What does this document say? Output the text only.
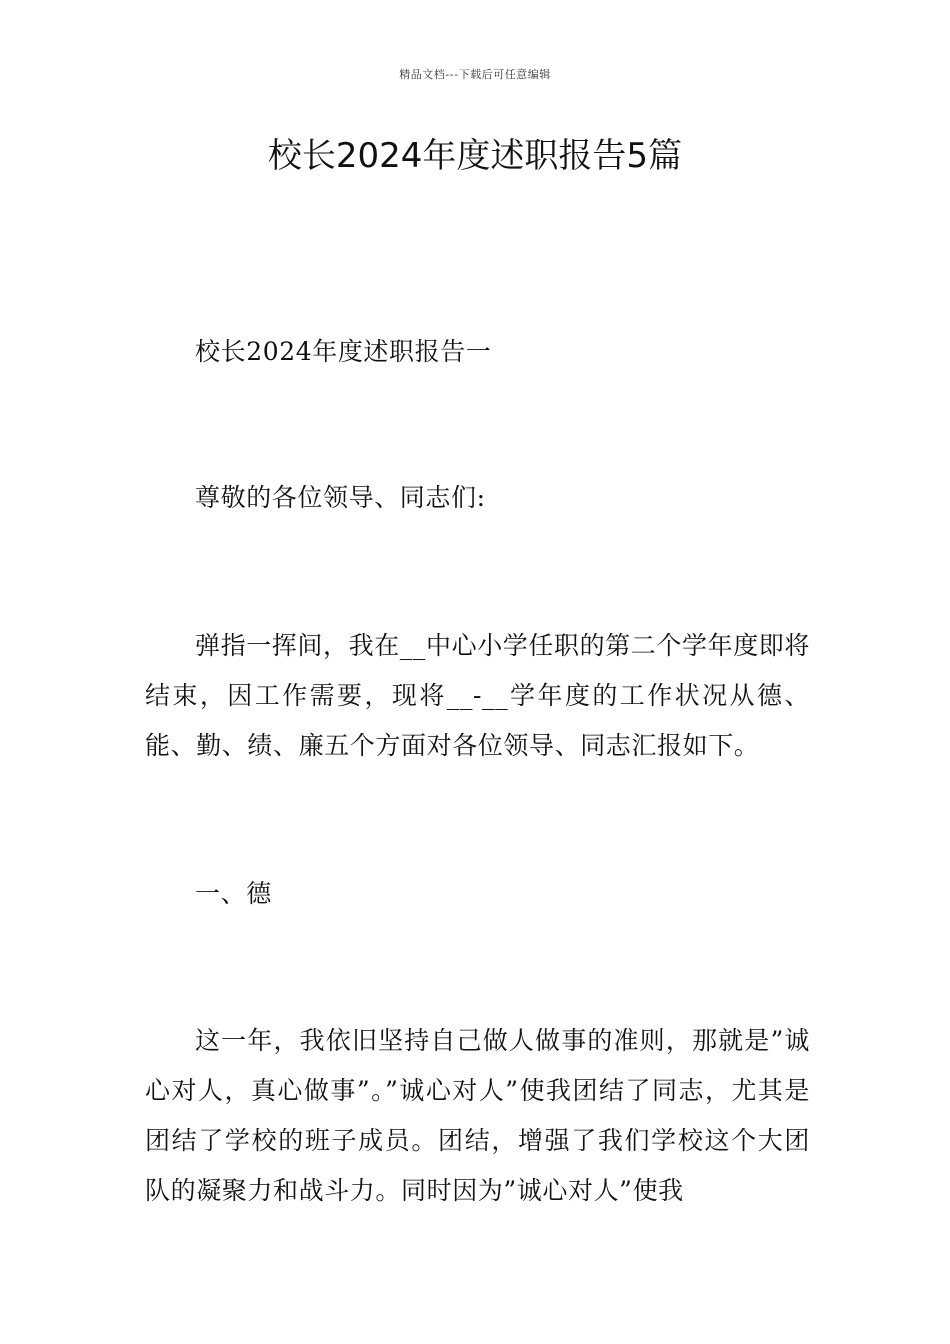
精品文档---下载后可任意编辑
校长2024年度述职报告5篇

校长2024年度述职报告一

尊敬的各位领导、同志们:

弹指一挥间，我在__中心小学任职的第二个学年度即将结束，因工作需要，现将__-__学年度的工作状况从德、能、勤、绩、廉五个方面对各位领导、同志汇报如下。

一、德

这一年，我依旧坚持自己做人做事的准则，那就是”诚心对人，真心做事”。”诚心对人”使我团结了同志，尤其是团结了学校的班子成员。团结，增强了我们学校这个大团队的凝聚力和战斗力。同时因为”诚心对人”使我
